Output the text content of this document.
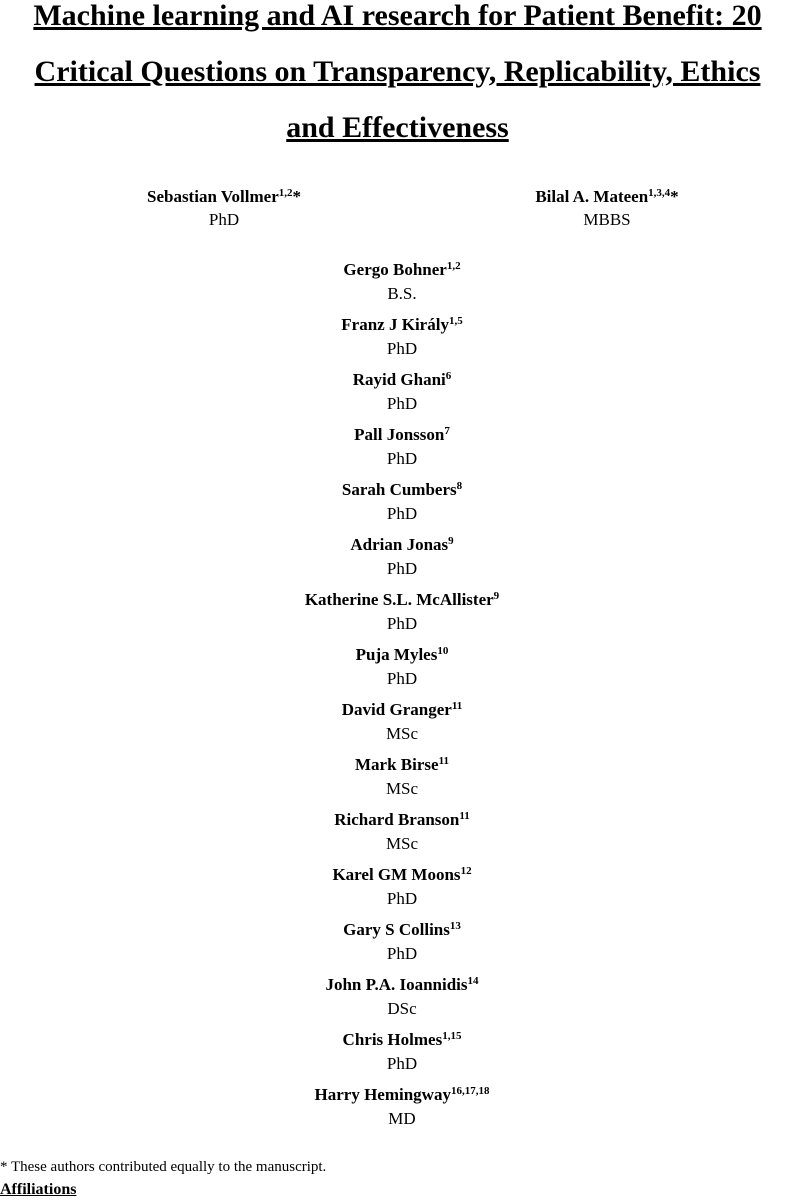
Machine learning and AI research for Patient Benefit: 20
Critical Questions on Transparency, Replicability, Ethics
and Effectiveness
Sebastian Vollmer$^{1,2}$*
PhD
Bilal A. Mateen$^{1,3,4}$*
MBBS
Gergo Bohner$^{1,2}$
B.S.
Franz J Király$^{1,5}$
PhD
Rayid Ghani$^6$
PhD
Pall Jonsson$^7$
PhD
Sarah Cumbers$^8$
PhD
Adrian Jonas$^9$
PhD
Katherine S.L. McAllister$^9$
PhD
Puja Myles$^{10}$
PhD
David Granger$^{11}$
MSc
Mark Birse$^{11}$
MSc
Richard Branson$^{11}$
MSc
Karel GM Moons$^{12}$
PhD
Gary S Collins$^{13}$
PhD
John P.A. Ioannidis$^{14}$
DSc
Chris Holmes$^{1,15}$
PhD
Harry Hemingway$^{16,17,18}$
MD
* These authors contributed equally to the manuscript.
Affiliations
